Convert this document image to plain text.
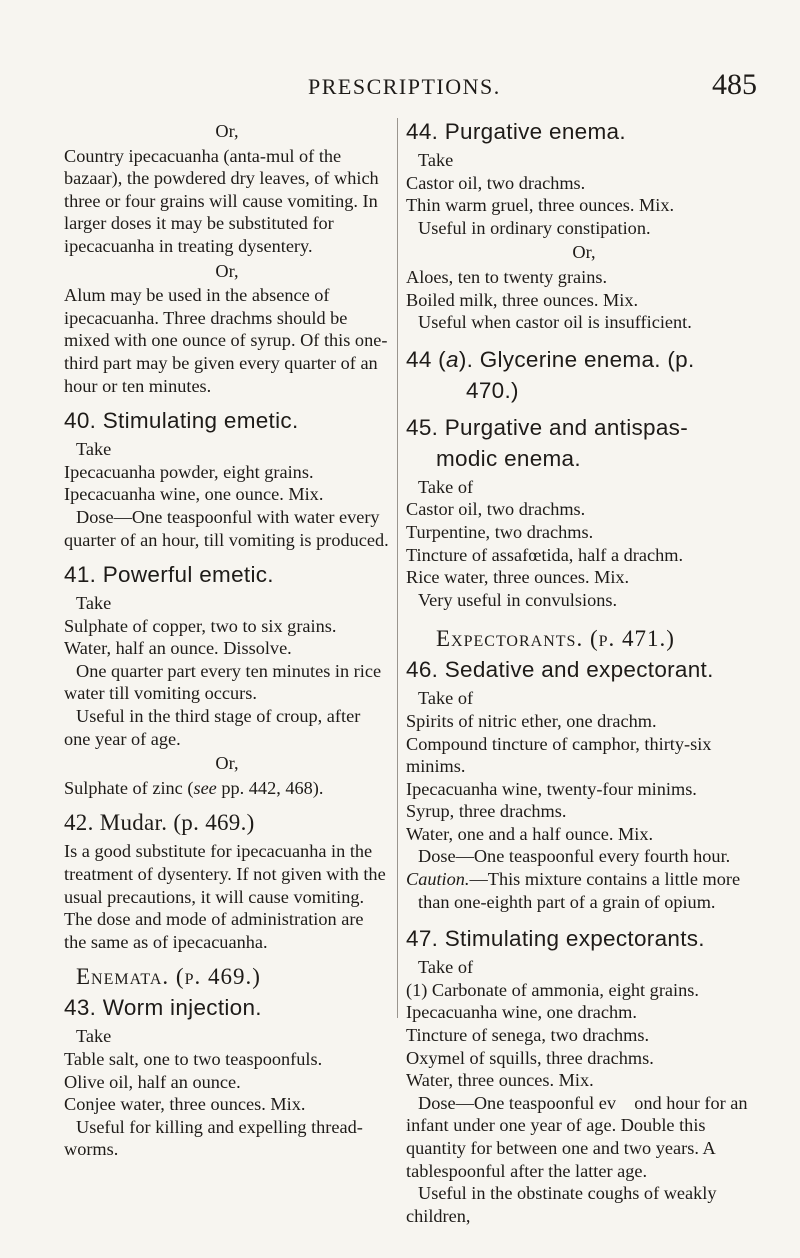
PRESCRIPTIONS.	485

Or,

Country ipecacuanha (anta-mul of the bazaar), the powdered dry leaves, of which three or four grains will cause vomiting. In larger doses it may be substituted for ipecacuanha in treating dysentery.

Or,

Alum may be used in the absence of ipecacuanha. Three drachms should be mixed with one ounce of syrup. Of this one-third part may be given every quarter of an hour or ten minutes.

40. Stimulating emetic.

Take

Ipecacuanha powder, eight grains.

Ipecacuanha wine, one ounce. Mix.

Dose—One teaspoonful with water every quarter of an hour, till vomiting is produced.

41. Powerful emetic.

Take

Sulphate of copper, two to six grains.

Water, half an ounce. Dissolve.

One quarter part every ten minutes in rice water till vomiting occurs.

Useful in the third stage of croup, after one year of age.

Or,

Sulphate of zinc (see pp. 442, 468).

42. Mudar. (p. 469.)

Is a good substitute for ipecacuanha in the treatment of dysentery. If not given with the usual precautions, it will cause vomiting. The dose and mode of administration are the same as of ipecacuanha.

Enemata. (p. 469.)
43. Worm injection.

Take

Table salt, one to two teaspoonfuls.

Olive oil, half an ounce.

Conjee water, three ounces. Mix.

Useful for killing and expelling thread-worms.

44. Purgative enema.

Take

Castor oil, two drachms.

Thin warm gruel, three ounces. Mix.

Useful in ordinary constipation.

Or,

Aloes, ten to twenty grains.

Boiled milk, three ounces. Mix.

Useful when castor oil is insufficient.

44 (a). Glycerine enema. (p.
470.)
45. Purgative and antispas-
modic enema.

Take of

Castor oil, two drachms.

Turpentine, two drachms.

Tincture of assafœtida, half a drachm.

Rice water, three ounces. Mix.

Very useful in convulsions.

Expectorants. (p. 471.)
46. Sedative and expectorant.

Take of

Spirits of nitric ether, one drachm.

Compound tincture of camphor, thirty-six minims.

Ipecacuanha wine, twenty-four minims.

Syrup, three drachms.

Water, one and a half ounce. Mix.

Dose—One teaspoonful every fourth hour.

Caution.—This mixture contains a little more than one-eighth part of a grain of opium.

47. Stimulating expectorants.

Take of

(1) Carbonate of ammonia, eight grains.

Ipecacuanha wine, one drachm.

Tincture of senega, two drachms.

Oxymel of squills, three drachms.

Water, three ounces. Mix.

Dose—One teaspoonful ev⁠ ⁠ ⁠ ⁠ ⁠ond hour for an infant under one year of age. Double this quantity for between one and two years. A tablespoonful after the latter age.

Useful in the obstinate coughs of weakly children,
